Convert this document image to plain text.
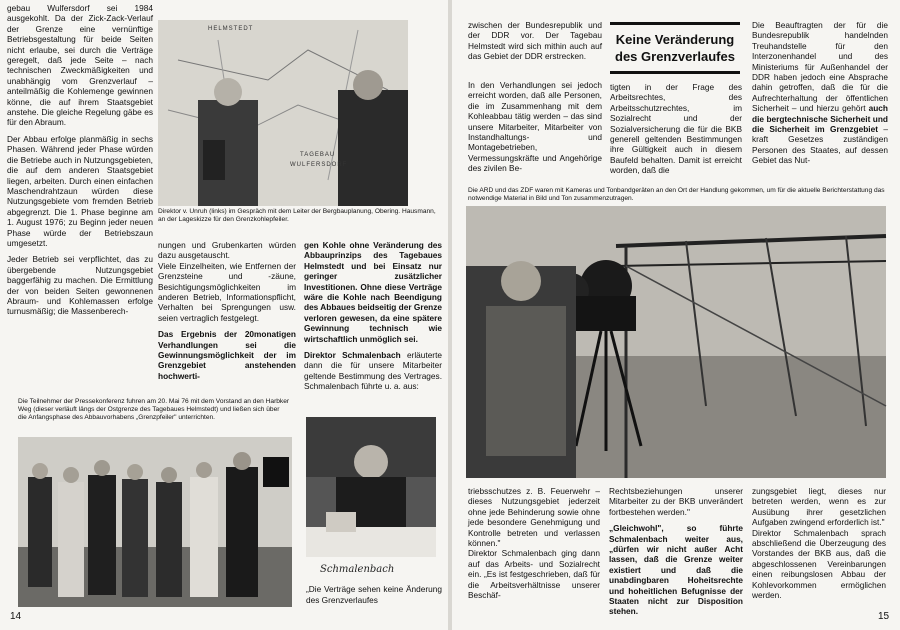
gebau Wulfersdorf sei 1984 ausgekohlt. Da der Zick-Zack-Verlauf der Grenze eine vernünftige Betriebsgestaltung für beide Seiten nicht erlaube, sei durch die Verträge geregelt, daß jede Seite – nach technischen Zweckmäßigkeiten und unabhängig vom Grenzverlauf – anteilmäßig die Kohlemenge gewinnen könne, die auf ihrem Staatsgebiet anstehe. Die gleiche Regelung gäbe es für den Abraum.

Der Abbau erfolge planmäßig in sechs Phasen. Während jeder Phase würden die Betriebe auch in Nutzungsgebieten, die auf dem anderen Staatsgebiet liegen, arbeiten. Durch einen einfachen Maschendrahtzaun würden diese Nutzungsgebiete vom fremden Betrieb abgegrenzt. Die 1. Phase beginne am 1. August 1976; zu Beginn jeder neuen Phase würde der Betriebszaun umgesetzt.

Jeder Betrieb sei verpflichtet, das zu übergebende Nutzungsgebiet baggerfähig zu machen. Die Ermittlung der von beiden Seiten gewonnenen Abraum- und Kohlemassen erfolge turnusmäßig; die Massenberech-

HELMSTEDT
TAGEBAU
WULFERSDORF
Direktor v. Unruh (links) im Gespräch mit dem Leiter der Bergbauplanung, Obering. Hausmann, an der Lageskizze für den Grenzkohlepfeiler.

nungen und Grubenkarten würden dazu ausgetauscht.
Viele Einzelheiten, wie Entfernen der Grenzsteine und -zäune, Besichtigungsmöglichkeiten im anderen Betrieb, Informationspflicht, Verhalten bei Sprengungen usw. seien vertraglich festgelegt.

Das Ergebnis der 20monatigen Verhandlungen sei die Gewinnungsmöglichkeit der im Grenzgebiet anstehenden hochwerti-

gen Kohle ohne Veränderung des Abbauprinzips des Tagebaues Helmstedt und bei Einsatz nur geringer zusätzlicher Investitionen. Ohne diese Verträge wäre die Kohle nach Beendigung des Abbaues beidseitig der Grenze verloren gewesen, da eine spätere Gewinnung technisch wie wirtschaftlich unmöglich sei.

Direktor Schmalenbach erläuterte dann die für unsere Mitarbeiter geltende Bestimmung des Vertrages. Schmalenbach führte u. a. aus:

Die Teilnehmer der Pressekonferenz fuhren am 20. Mai 76 mit dem Vorstand an den Harbker Weg (dieser verläuft längs der Ostgrenze des Tagebaues Helmstedt) und ließen sich über die Anfangsphase des Abbauvorhabens „Grenzpfeiler" unterrichten.
Schmalenbach
„Die Verträge sehen keine Änderung des Grenzverlaufes
14
zwischen der Bundesrepublik und der DDR vor. Der Tagebau Helmstedt wird sich mithin auch auf das Gebiet der DDR erstrecken.
In den Verhandlungen sei jedoch erreicht worden, daß alle Personen, die im Zusammenhang mit dem Kohleabbau tätig werden – das sind unsere Mitarbeiter, Mitarbeiter von Instandhaltungs- und Montagebetrieben, Vermessungskräfte und Angehörige des zivilen Be-
Keine Veränderung des Grenzverlaufes
tigten in der Frage des Arbeitsrechtes, des Arbeitsschutzrechtes, im Sozialrecht und der Sozialversicherung die für die BKB generell geltenden Bestimmungen ihre Gültigkeit auch in diesem Baufeld behalten. Damit ist erreicht worden, daß die

Die Beauftragten der für die Bundesrepublik handelnden Treuhandstelle für den Interzonenhandel und des Ministeriums für Außenhandel der DDR haben jedoch eine Absprache dahin getroffen, daß die für die Aufrechterhaltung der öffentlichen Sicherheit – und hierzu gehört auch die bergtechnische Sicherheit und die Sicherheit im Grenzgebiet – kraft Gesetzes zuständigen Personen des Staates, auf dessen Gebiet das Nut-

Die ARD und das ZDF waren mit Kameras und Tonbandgeräten an den Ort der Handlung gekommen, um für die aktuelle Berichterstattung das notwendige Material in Bild und Ton zusammenzutragen.

triebsschutzes z. B. Feuerwehr – dieses Nutzungsgebiet jederzeit ohne jede Behinderung sowie ohne jede besondere Genehmigung und Kontrolle betreten und verlassen können."
Direktor Schmalenbach ging dann auf das Arbeits- und Sozialrecht ein. „Es ist festgeschrieben, daß für die Arbeitsverhältnisse unserer Beschäf-

Rechtsbeziehungen unserer Mitarbeiter zu der BKB unverändert fortbestehen werden."

„Gleichwohl", so führte Schmalenbach weiter aus, „dürfen wir nicht außer Acht lassen, daß die Grenze weiter existiert und daß die unabdingbaren Hoheitsrechte und hoheitlichen Befugnisse der Staaten nicht zur Disposition stehen.

zungsgebiet liegt, dieses nur betreten werden, wenn es zur Ausübung ihrer gesetzlichen Aufgaben zwingend erforderlich ist."
Direktor Schmalenbach sprach abschließend die Überzeugung des Vorstandes der BKB aus, daß die abgeschlossenen Vereinbarungen einen reibungslosen Abbau der Kohlevorkommen ermöglichen werden.

15
